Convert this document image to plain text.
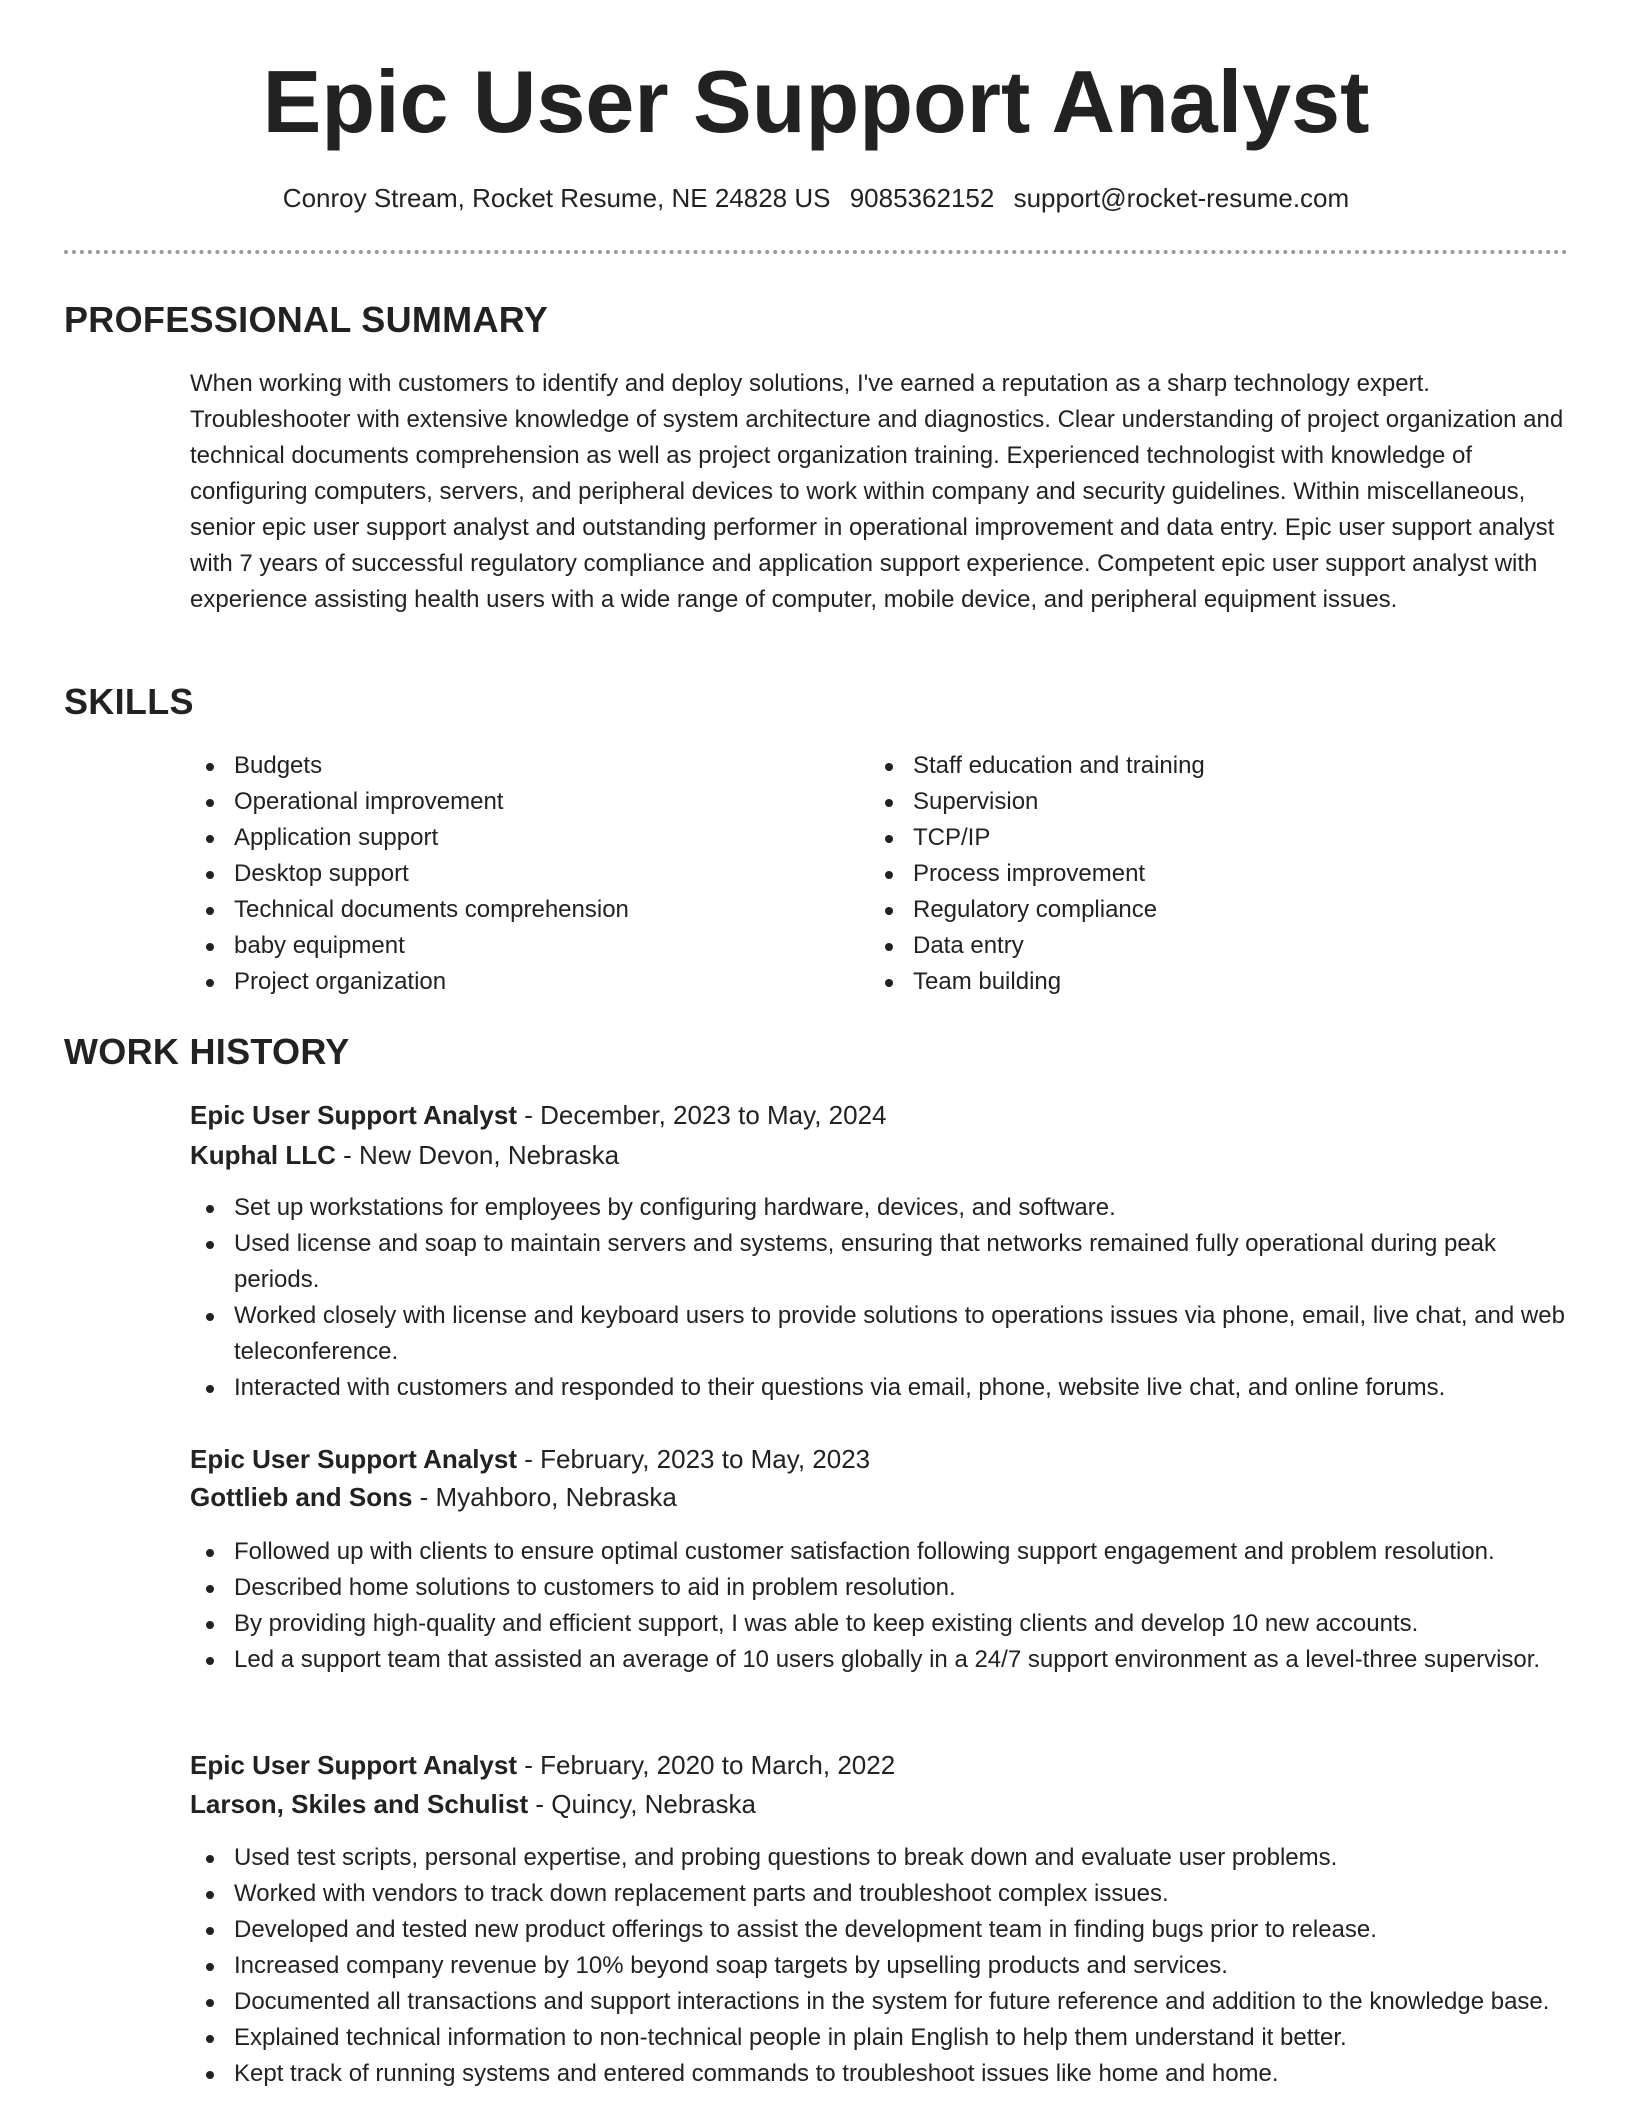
Epic User Support Analyst
Conroy Stream, Rocket Resume, NE 24828 US 9085362152 support@rocket-resume.com
PROFESSIONAL SUMMARY

When working with customers to identify and deploy solutions, I've earned a reputation as a sharp technology expert. Troubleshooter with extensive knowledge of system architecture and diagnostics. Clear understanding of project organization and technical documents comprehension as well as project organization training. Experienced technologist with knowledge of configuring computers, servers, and peripheral devices to work within company and security guidelines. Within miscellaneous, senior epic user support analyst and outstanding performer in operational improvement and data entry. Epic user support analyst with 7 years of successful regulatory compliance and application support experience. Competent epic user support analyst with experience assisting health users with a wide range of computer, mobile device, and peripheral equipment issues.

SKILLS
Budgets
Operational improvement
Application support
Desktop support
Technical documents comprehension
baby equipment
Project organization
Staff education and training
Supervision
TCP/IP
Process improvement
Regulatory compliance
Data entry
Team building
WORK HISTORY
Epic User Support Analyst - December, 2023 to May, 2024
Kuphal LLC - New Devon, Nebraska
Set up workstations for employees by configuring hardware, devices, and software.
Used license and soap to maintain servers and systems, ensuring that networks remained fully operational during peak periods.
Worked closely with license and keyboard users to provide solutions to operations issues via phone, email, live chat, and web teleconference.
Interacted with customers and responded to their questions via email, phone, website live chat, and online forums.
Epic User Support Analyst - February, 2023 to May, 2023
Gottlieb and Sons - Myahboro, Nebraska
Followed up with clients to ensure optimal customer satisfaction following support engagement and problem resolution.
Described home solutions to customers to aid in problem resolution.
By providing high-quality and efficient support, I was able to keep existing clients and develop 10 new accounts.
Led a support team that assisted an average of 10 users globally in a 24/7 support environment as a level-three supervisor.
Epic User Support Analyst - February, 2020 to March, 2022
Larson, Skiles and Schulist - Quincy, Nebraska
Used test scripts, personal expertise, and probing questions to break down and evaluate user problems.
Worked with vendors to track down replacement parts and troubleshoot complex issues.
Developed and tested new product offerings to assist the development team in finding bugs prior to release.
Increased company revenue by 10% beyond soap targets by upselling products and services.
Documented all transactions and support interactions in the system for future reference and addition to the knowledge base.
Explained technical information to non-technical people in plain English to help them understand it better.
Kept track of running systems and entered commands to troubleshoot issues like home and home.
